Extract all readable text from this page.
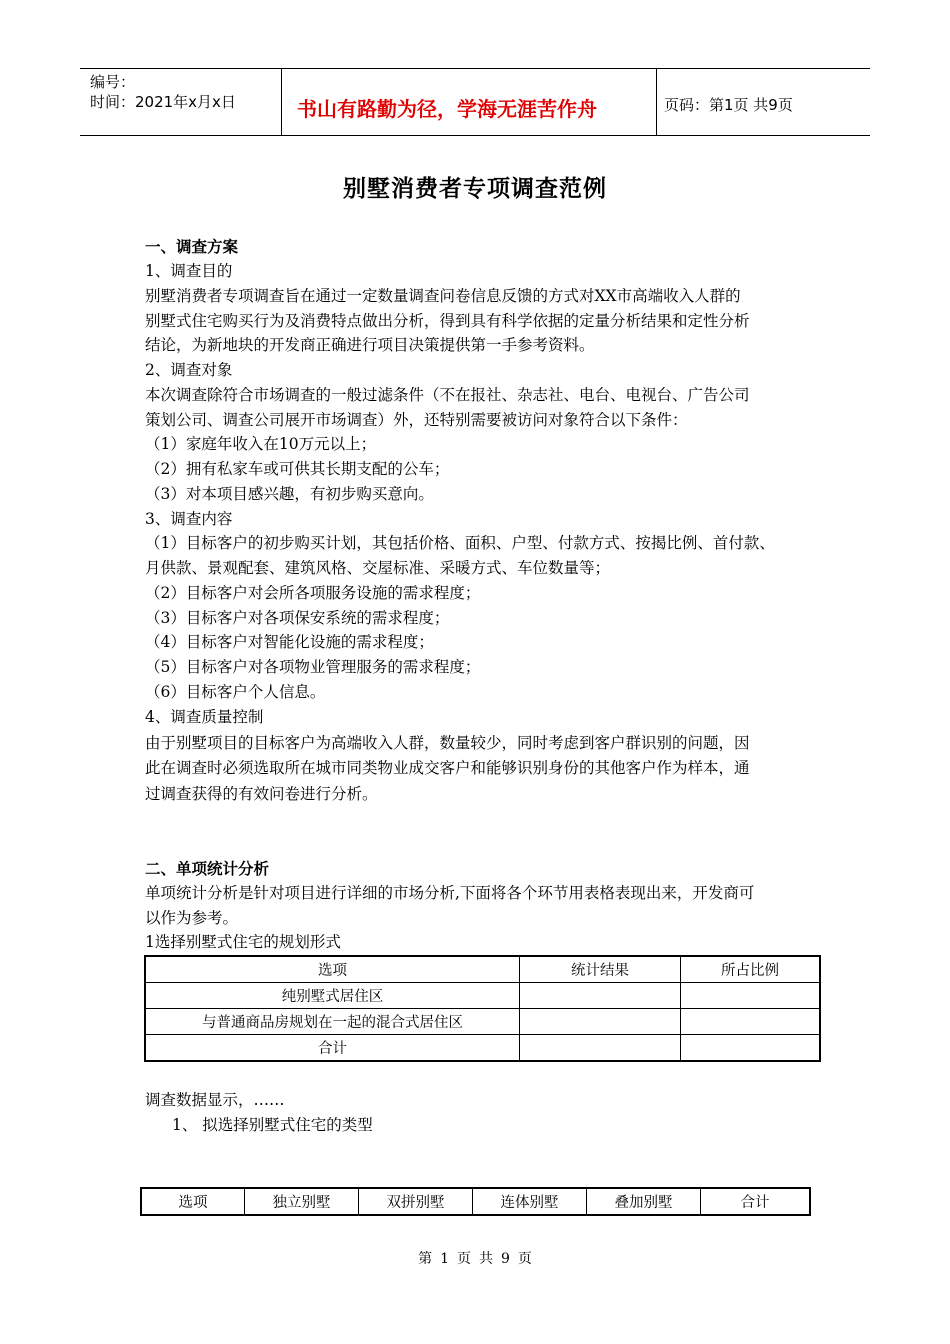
编号：
时间：2021年x月x日	书山有路勤为径，学海无涯苦作舟	页码：第1页 共9页
别墅消费者专项调查范例
一、调查方案
1、调查目的
别墅消费者专项调查旨在通过一定数量调查问卷信息反馈的方式对XX市高端收入人群的
别墅式住宅购买行为及消费特点做出分析，得到具有科学依据的定量分析结果和定性分析
结论，为新地块的开发商正确进行项目决策提供第一手参考资料。
2、调查对象
本次调查除符合市场调查的一般过滤条件（不在报社、杂志社、电台、电视台、广告公司
策划公司、调查公司展开市场调查）外，还特别需要被访问对象符合以下条件：
（1）家庭年收入在10万元以上；
（2）拥有私家车或可供其长期支配的公车；
（3）对本项目感兴趣，有初步购买意向。
3、调查内容
（1）目标客户的初步购买计划，其包括价格、面积、户型、付款方式、按揭比例、首付款、
月供款、景观配套、建筑风格、交屋标准、采暖方式、车位数量等；
（2）目标客户对会所各项服务设施的需求程度；
（3）目标客户对各项保安系统的需求程度；
（4）目标客户对智能化设施的需求程度；
（5）目标客户对各项物业管理服务的需求程度；
（6）目标客户个人信息。
4、调查质量控制
由于别墅项目的目标客户为高端收入人群，数量较少，同时考虑到客户群识别的问题，因
此在调查时必须选取所在城市同类物业成交客户和能够识别身份的其他客户作为样本，通
过调查获得的有效问卷进行分析。
二、单项统计分析
单项统计分析是针对项目进行详细的市场分析,下面将各个环节用表格表现出来，开发商可
以作为参考。
1选择别墅式住宅的规划形式
选项	统计结果	所占比例
纯别墅式居住区		
与普通商品房规划在一起的混合式居住区		
合计		
调查数据显示，……
1、 拟选择别墅式住宅的类型
选项	独立别墅	双拼别墅	连体别墅	叠加别墅	合计
第 1 页 共 9 页
